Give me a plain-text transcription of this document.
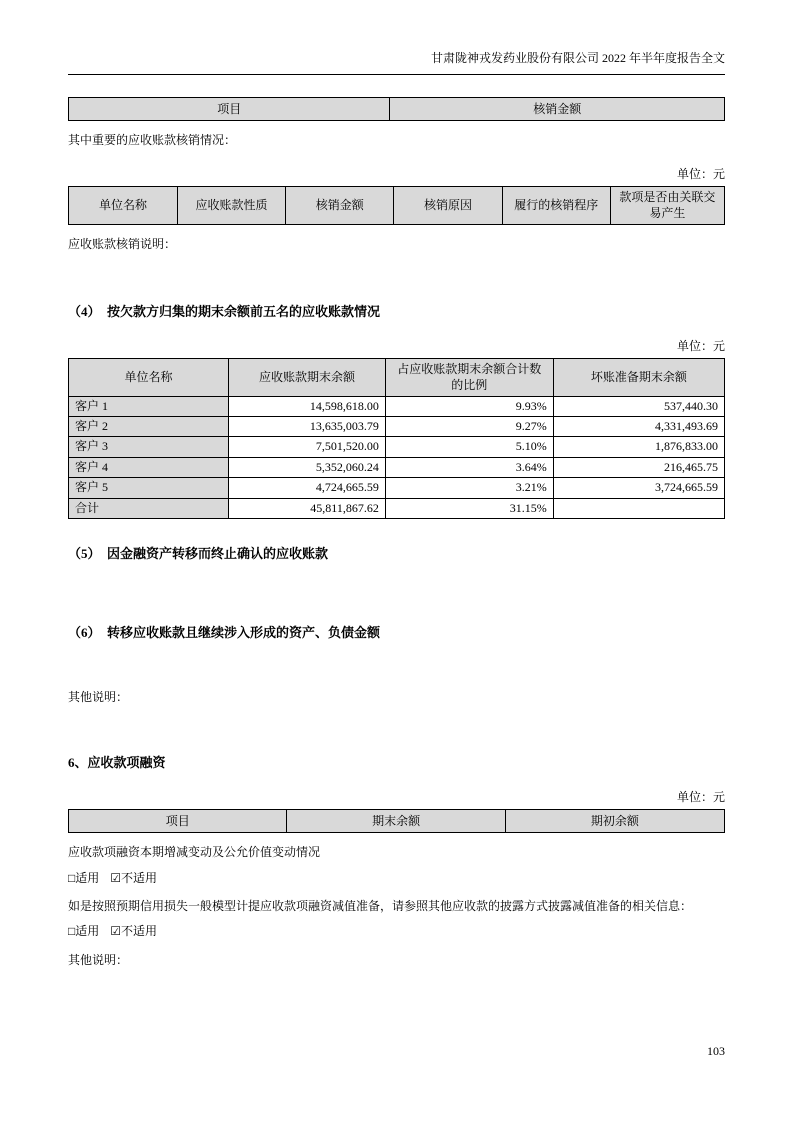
甘肃陇神戎发药业股份有限公司 2022 年半年度报告全文
项目	核销金额

其中重要的应收账款核销情况：

单位：元
单位名称	应收账款性质	核销金额	核销原因	履行的核销程序	款项是否由关联交易产生

应收账款核销说明：

（4）　按欠款方归集的期末余额前五名的应收账款情况
单位：元
单位名称	应收账款期末余额	占应收账款期末余额合计数的比例	坏账准备期末余额
客户 1	14,598,618.00	9.93%	537,440.30
客户 2	13,635,003.79	9.27%	4,331,493.69
客户 3	7,501,520.00	5.10%	1,876,833.00
客户 4	5,352,060.24	3.64%	216,465.75
客户 5	4,724,665.59	3.21%	3,724,665.59
合计	45,811,867.62	31.15%	
（5）　因金融资产转移而终止确认的应收账款
（6）　转移应收账款且继续涉入形成的资产、负债金额

其他说明：

6、应收款项融资
单位：元
项目	期末余额	期初余额

应收款项融资本期增减变动及公允价值变动情况

□适用 ☑不适用

如是按照预期信用损失一般模型计提应收款项融资减值准备，请参照其他应收款的披露方式披露减值准备的相关信息：

□适用 ☑不适用

其他说明：

103
